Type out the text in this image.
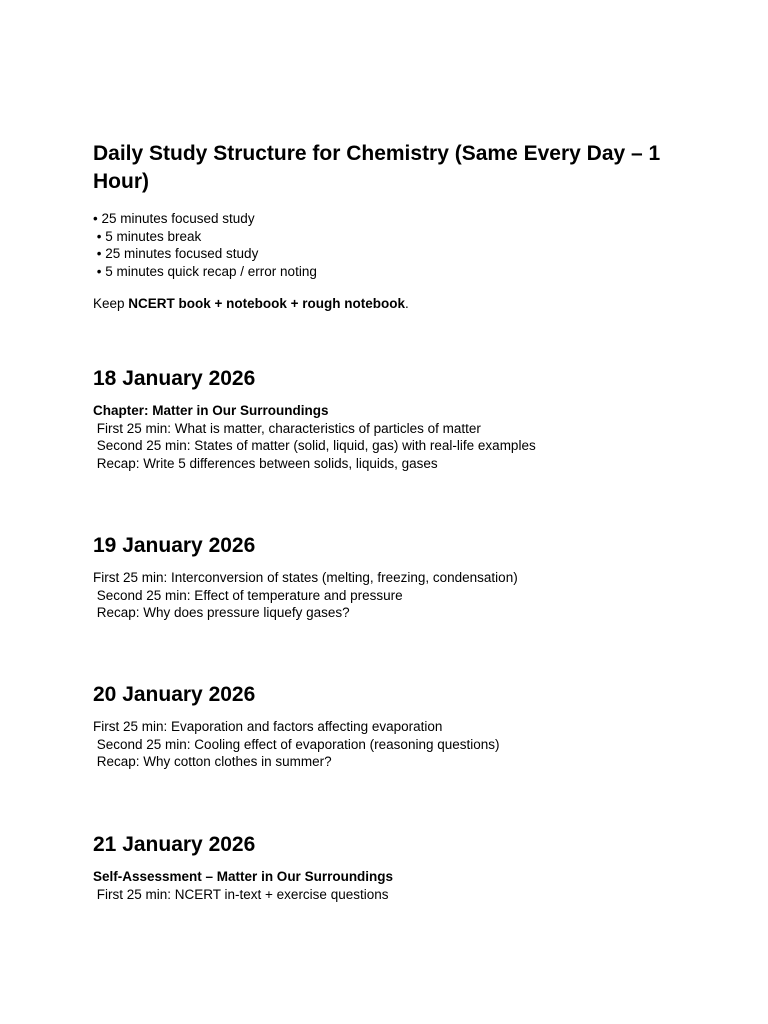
Daily Study Structure for Chemistry (Same Every Day – 1 Hour)

• 25 minutes focused study

• 5 minutes break

• 25 minutes focused study

• 5 minutes quick recap / error noting

Keep NCERT book + notebook + rough notebook.

18 January 2026

Chapter: Matter in Our Surroundings

First 25 min: What is matter, characteristics of particles of matter

Second 25 min: States of matter (solid, liquid, gas) with real-life examples

Recap: Write 5 differences between solids, liquids, gases

19 January 2026

First 25 min: Interconversion of states (melting, freezing, condensation)

Second 25 min: Effect of temperature and pressure

Recap: Why does pressure liquefy gases?

20 January 2026

First 25 min: Evaporation and factors affecting evaporation

Second 25 min: Cooling effect of evaporation (reasoning questions)

Recap: Why cotton clothes in summer?

21 January 2026

Self-Assessment – Matter in Our Surroundings

First 25 min: NCERT in-text + exercise questions
